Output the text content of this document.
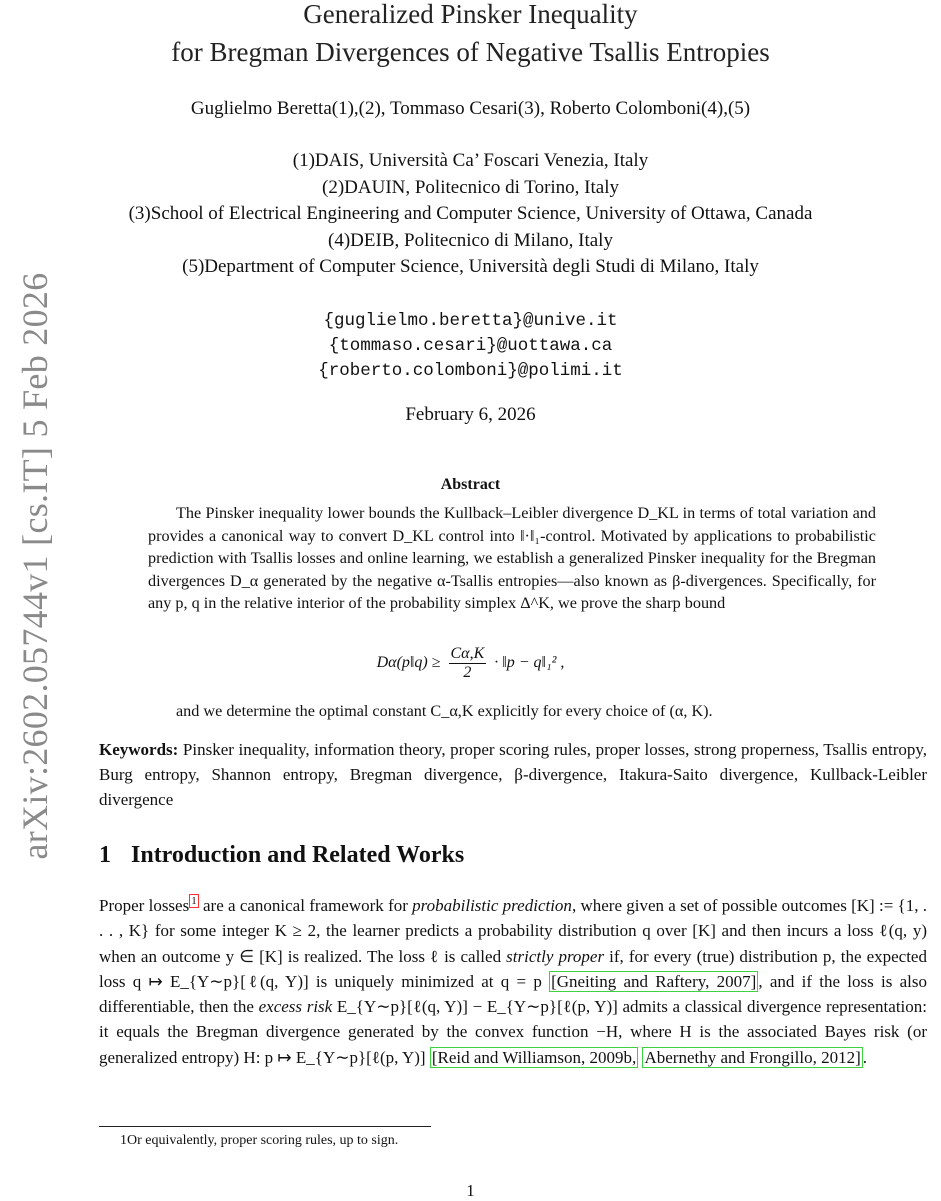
arXiv:2602.05744v1 [cs.IT] 5 Feb 2026
Generalized Pinsker Inequality
for Bregman Divergences of Negative Tsallis Entropies
Guglielmo Beretta(1),(2), Tommaso Cesari(3), Roberto Colomboni(4),(5)
(1)DAIS, Università Ca’ Foscari Venezia, Italy
(2)DAUIN, Politecnico di Torino, Italy
(3)School of Electrical Engineering and Computer Science, University of Ottawa, Canada
(4)DEIB, Politecnico di Milano, Italy
(5)Department of Computer Science, Università degli Studi di Milano, Italy
{guglielmo.beretta}@unive.it
{tommaso.cesari}@uottawa.ca
{roberto.colomboni}@polimi.it
February 6, 2026
Abstract

The Pinsker inequality lower bounds the Kullback–Leibler divergence D_KL in terms of total variation and provides a canonical way to convert D_KL control into ‖·‖₁-control. Motivated by applications to probabilistic prediction with Tsallis losses and online learning, we establish a generalized Pinsker inequality for the Bregman divergences D_α generated by the negative α-Tsallis entropies—also known as β-divergences. Specifically, for any p, q in the relative interior of the probability simplex Δ^K, we prove the sharp bound

Dα(p‖q) ≥ $\frac{C\alpha,K}{2}$ · ‖p − q‖₁² ,

and we determine the optimal constant C_α,K explicitly for every choice of (α, K).

Keywords: Pinsker inequality, information theory, proper scoring rules, proper losses, strong properness, Tsallis entropy, Burg entropy, Shannon entropy, Bregman divergence, β-divergence, Itakura-Saito divergence, Kullback-Leibler divergence
1 Introduction and Related Works
Proper losses $^1$ are a canonical framework for probabilistic prediction, where given a set of possible outcomes [K] := {1, . . . , K} for some integer K ≥ 2, the learner predicts a probability distribution q over [K] and then incurs a loss ℓ(q, y) when an outcome y ∈ [K] is realized. The loss ℓ is called strictly proper if, for every (true) distribution p, the expected loss q ↦ E_{Y∼p}[ℓ(q, Y)] is uniquely minimized at q = p [Gneiting and Raftery, 2007] , and if the loss is also differentiable, then the excess risk E_{Y∼p}[ℓ(q, Y)] − E_{Y∼p}[ℓ(p, Y)] admits a classical divergence representation: it equals the Bregman divergence generated by the convex function −H, where H is the associated Bayes risk (or generalized entropy) H: p ↦ E_{Y∼p}[ℓ(p, Y)] [Reid and Williamson, 2009b, Abernethy and Frongillo, 2012] .
1Or equivalently, proper scoring rules, up to sign.
1
